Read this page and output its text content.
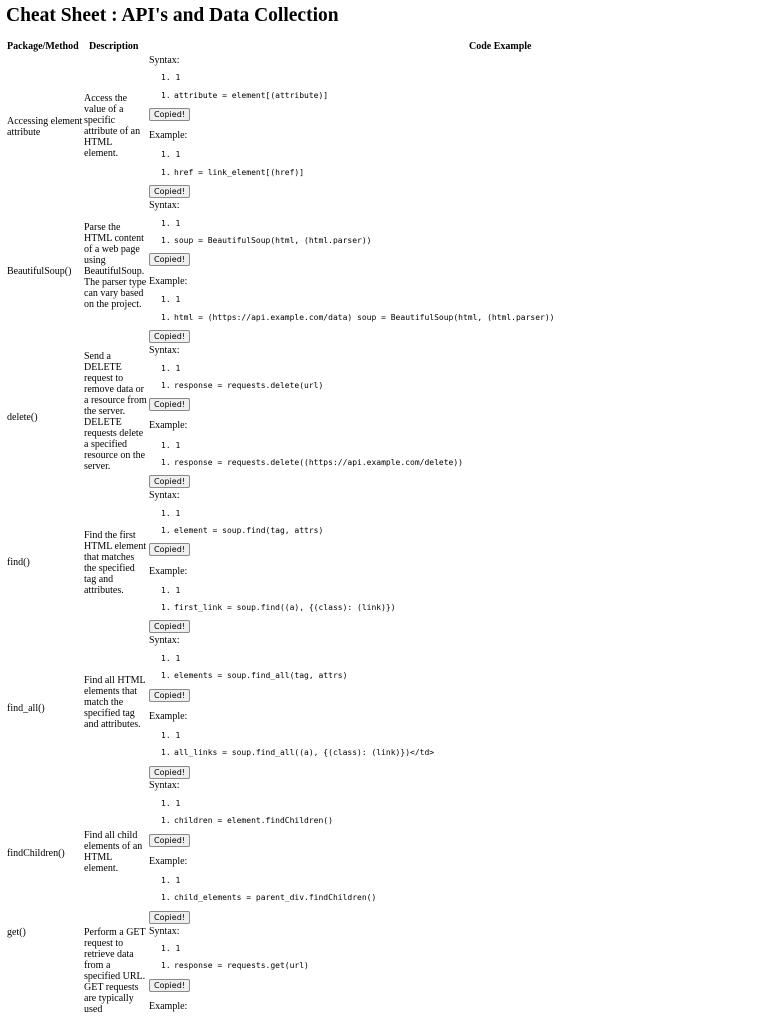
Cheat Sheet : API's and Data Collection
Package/Method Description	Code Example
Accessing element attribute
Access the value of a specific attribute of an HTML element.
Syntax:
1. 1
1. attribute = element[(attribute)]
Copied!
Example:
1. 1
1. href = link_element[(href)]
Copied!
BeautifulSoup()
Parse the HTML content of a web page using BeautifulSoup. The parser type can vary based on the project.
Syntax:
1. 1
1. soup = BeautifulSoup(html, (html.parser))
Copied!
Example:
1. 1
1. html = (https://api.example.com/data) soup = BeautifulSoup(html, (html.parser))
Copied!
delete()
Send a DELETE request to remove data or a resource from the server. DELETE requests delete a specified resource on the server.
Syntax:
1. 1
1. response = requests.delete(url)
Copied!
Example:
1. 1
1. response = requests.delete((https://api.example.com/delete))
Copied!
find()
Find the first HTML element that matches the specified tag and attributes.
Syntax:
1. 1
1. element = soup.find(tag, attrs)
Copied!
Example:
1. 1
1. first_link = soup.find((a), {(class): (link)})
Copied!
find_all()
Find all HTML elements that match the specified tag and attributes.
Syntax:
1. 1
1. elements = soup.find_all(tag, attrs)
Copied!
Example:
1. 1
1. all_links = soup.find_all((a), {(class): (link)})</td>
Copied!
findChildren()
Find all child elements of an HTML element.
Syntax:
1. 1
1. children = element.findChildren()
Copied!
Example:
1. 1
1. child_elements = parent_div.findChildren()
Copied!
get()	Perform a GET request to retrieve data from a specified URL. GET requests are typically used
Syntax:
1. 1
1. response = requests.get(url)
Copied!
Example:
